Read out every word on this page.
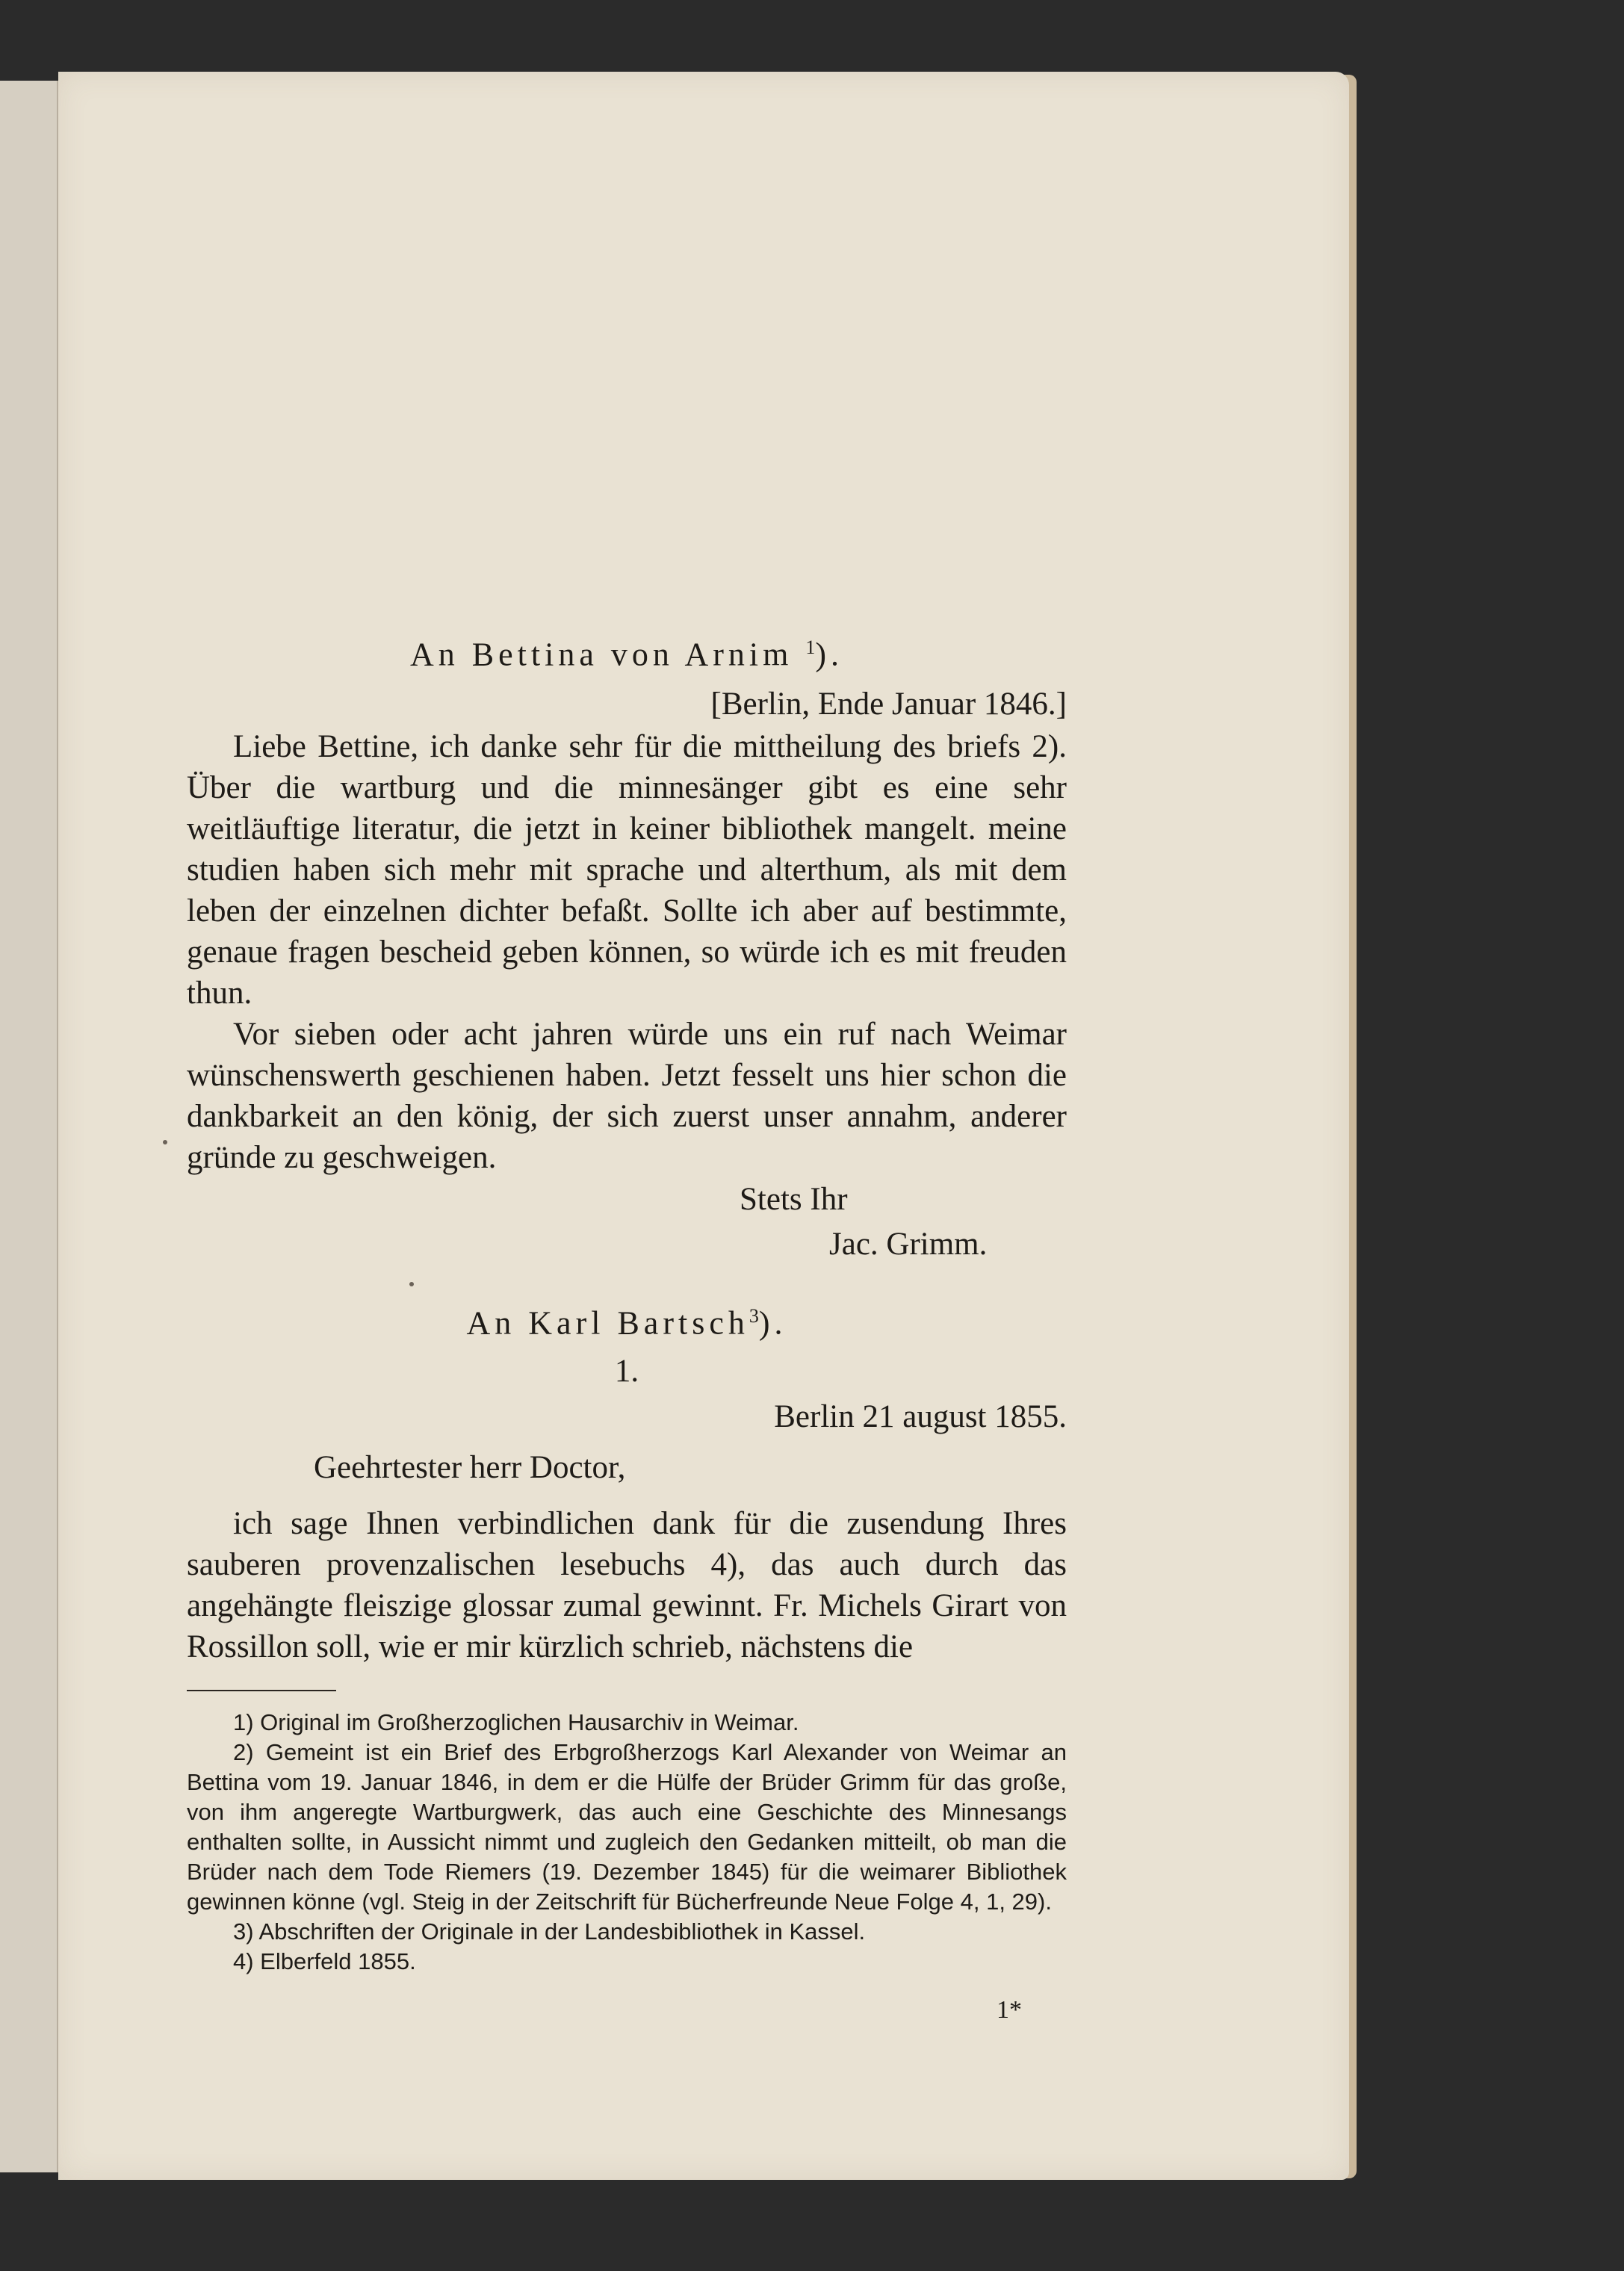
An Bettina von Arnim $^1$).

[Berlin, Ende Januar 1846.]

Liebe Bettine, ich danke sehr für die mittheilung des briefs 2). Über die wartburg und die minnesänger gibt es eine sehr weitläuftige literatur, die jetzt in keiner bibliothek mangelt. meine studien haben sich mehr mit sprache und alterthum, als mit dem leben der einzelnen dichter befaßt. Sollte ich aber auf bestimmte, genaue fragen bescheid geben können, so würde ich es mit freuden thun.

Vor sieben oder acht jahren würde uns ein ruf nach Weimar wünschenswerth geschienen haben. Jetzt fesselt uns hier schon die dankbarkeit an den könig, der sich zuerst unser annahm, anderer gründe zu geschweigen.

Stets Ihr

Jac. Grimm.

An Karl Bartsch$^3$).

1.

Berlin 21 august 1855.

Geehrtester herr Doctor,

ich sage Ihnen verbindlichen dank für die zusendung Ihres sauberen provenzalischen lesebuchs 4), das auch durch das angehängte fleiszige glossar zumal gewinnt. Fr. Michels Girart von Rossillon soll, wie er mir kürzlich schrieb, nächstens die

1) Original im Großherzoglichen Hausarchiv in Weimar.

2) Gemeint ist ein Brief des Erbgroßherzogs Karl Alexander von Weimar an Bettina vom 19. Januar 1846, in dem er die Hülfe der Brüder Grimm für das große, von ihm angeregte Wartburgwerk, das auch eine Geschichte des Minnesangs enthalten sollte, in Aussicht nimmt und zugleich den Gedanken mitteilt, ob man die Brüder nach dem Tode Riemers (19. Dezember 1845) für die weimarer Bibliothek gewinnen könne (vgl. Steig in der Zeitschrift für Bücherfreunde Neue Folge 4, 1, 29).

3) Abschriften der Originale in der Landesbibliothek in Kassel.

4) Elberfeld 1855.

1*
